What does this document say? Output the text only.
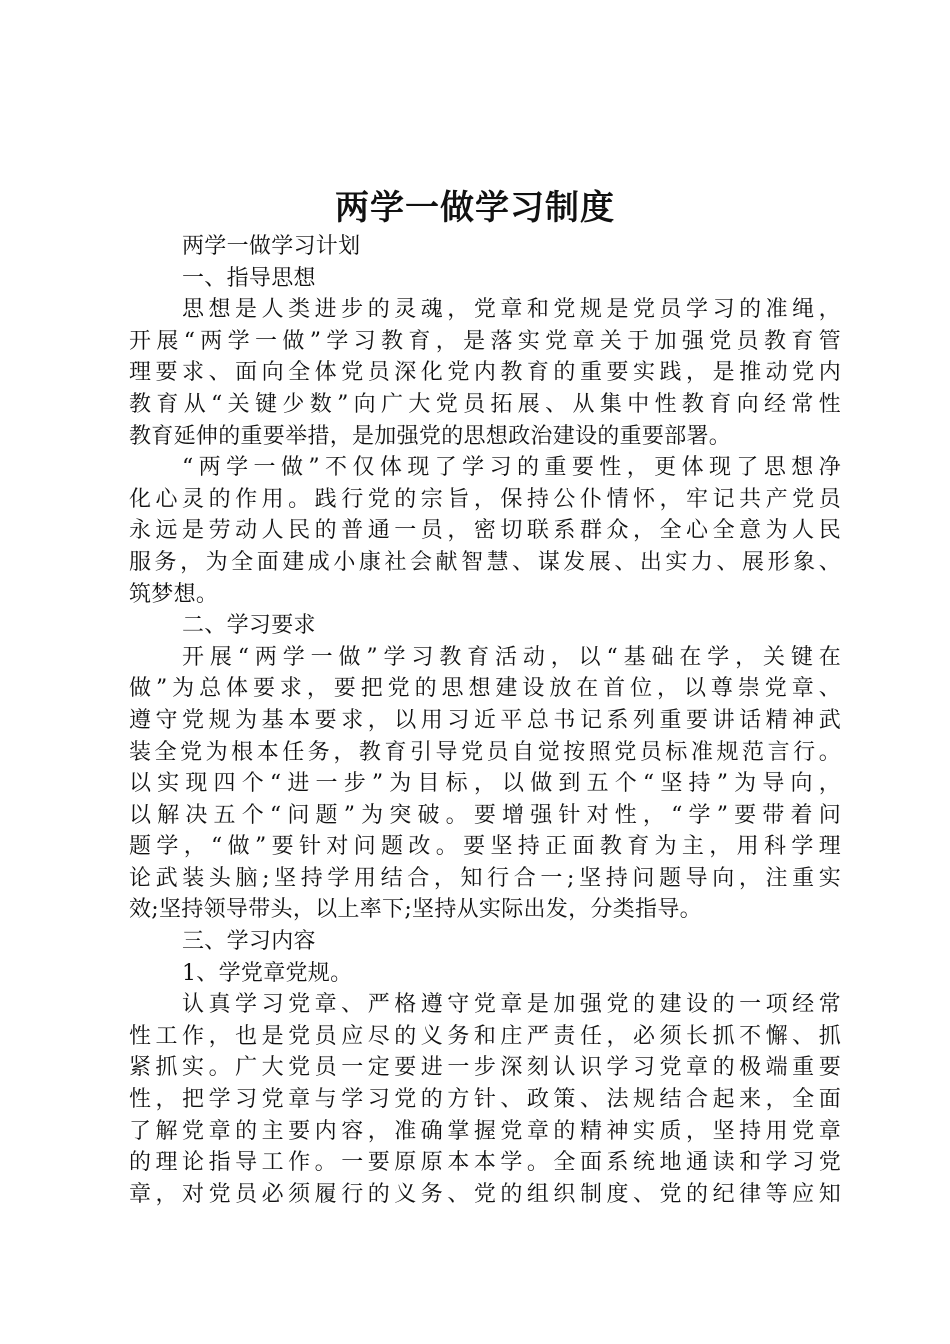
两学一做学习制度
两学一做学习计划
一、指导思想
思想是人类进步的灵魂，党章和党规是党员学习的准绳，
开展“两学一做”学习教育，是落实党章关于加强党员教育管
理要求、面向全体党员深化党内教育的重要实践，是推动党内
教育从“关键少数”向广大党员拓展、从集中性教育向经常性
教育延伸的重要举措，是加强党的思想政治建设的重要部署。
“两学一做”不仅体现了学习的重要性，更体现了思想净
化心灵的作用。践行党的宗旨，保持公仆情怀，牢记共产党员
永远是劳动人民的普通一员，密切联系群众，全心全意为人民
服务，为全面建成小康社会献智慧、谋发展、出实力、展形象、
筑梦想。
二、学习要求
开展“两学一做”学习教育活动，以“基础在学，关键在
做”为总体要求，要把党的思想建设放在首位，以尊崇党章、
遵守党规为基本要求，以用习近平总书记系列重要讲话精神武
装全党为根本任务，教育引导党员自觉按照党员标准规范言行。
以实现四个“进一步”为目标，以做到五个“坚持”为导向，
以解决五个“问题”为突破。要增强针对性，“学”要带着问
题学，“做”要针对问题改。要坚持正面教育为主，用科学理
论武装头脑;坚持学用结合，知行合一;坚持问题导向，注重实
效;坚持领导带头，以上率下;坚持从实际出发，分类指导。
三、学习内容
1、学党章党规。
认真学习党章、严格遵守党章是加强党的建设的一项经常
性工作，也是党员应尽的义务和庄严责任，必须长抓不懈、抓
紧抓实。广大党员一定要进一步深刻认识学习党章的极端重要
性，把学习党章与学习党的方针、政策、法规结合起来，全面
了解党章的主要内容，准确掌握党章的精神实质，坚持用党章
的理论指导工作。一要原原本本学。全面系统地通读和学习党
章，对党员必须履行的义务、党的组织制度、党的纪律等应知
